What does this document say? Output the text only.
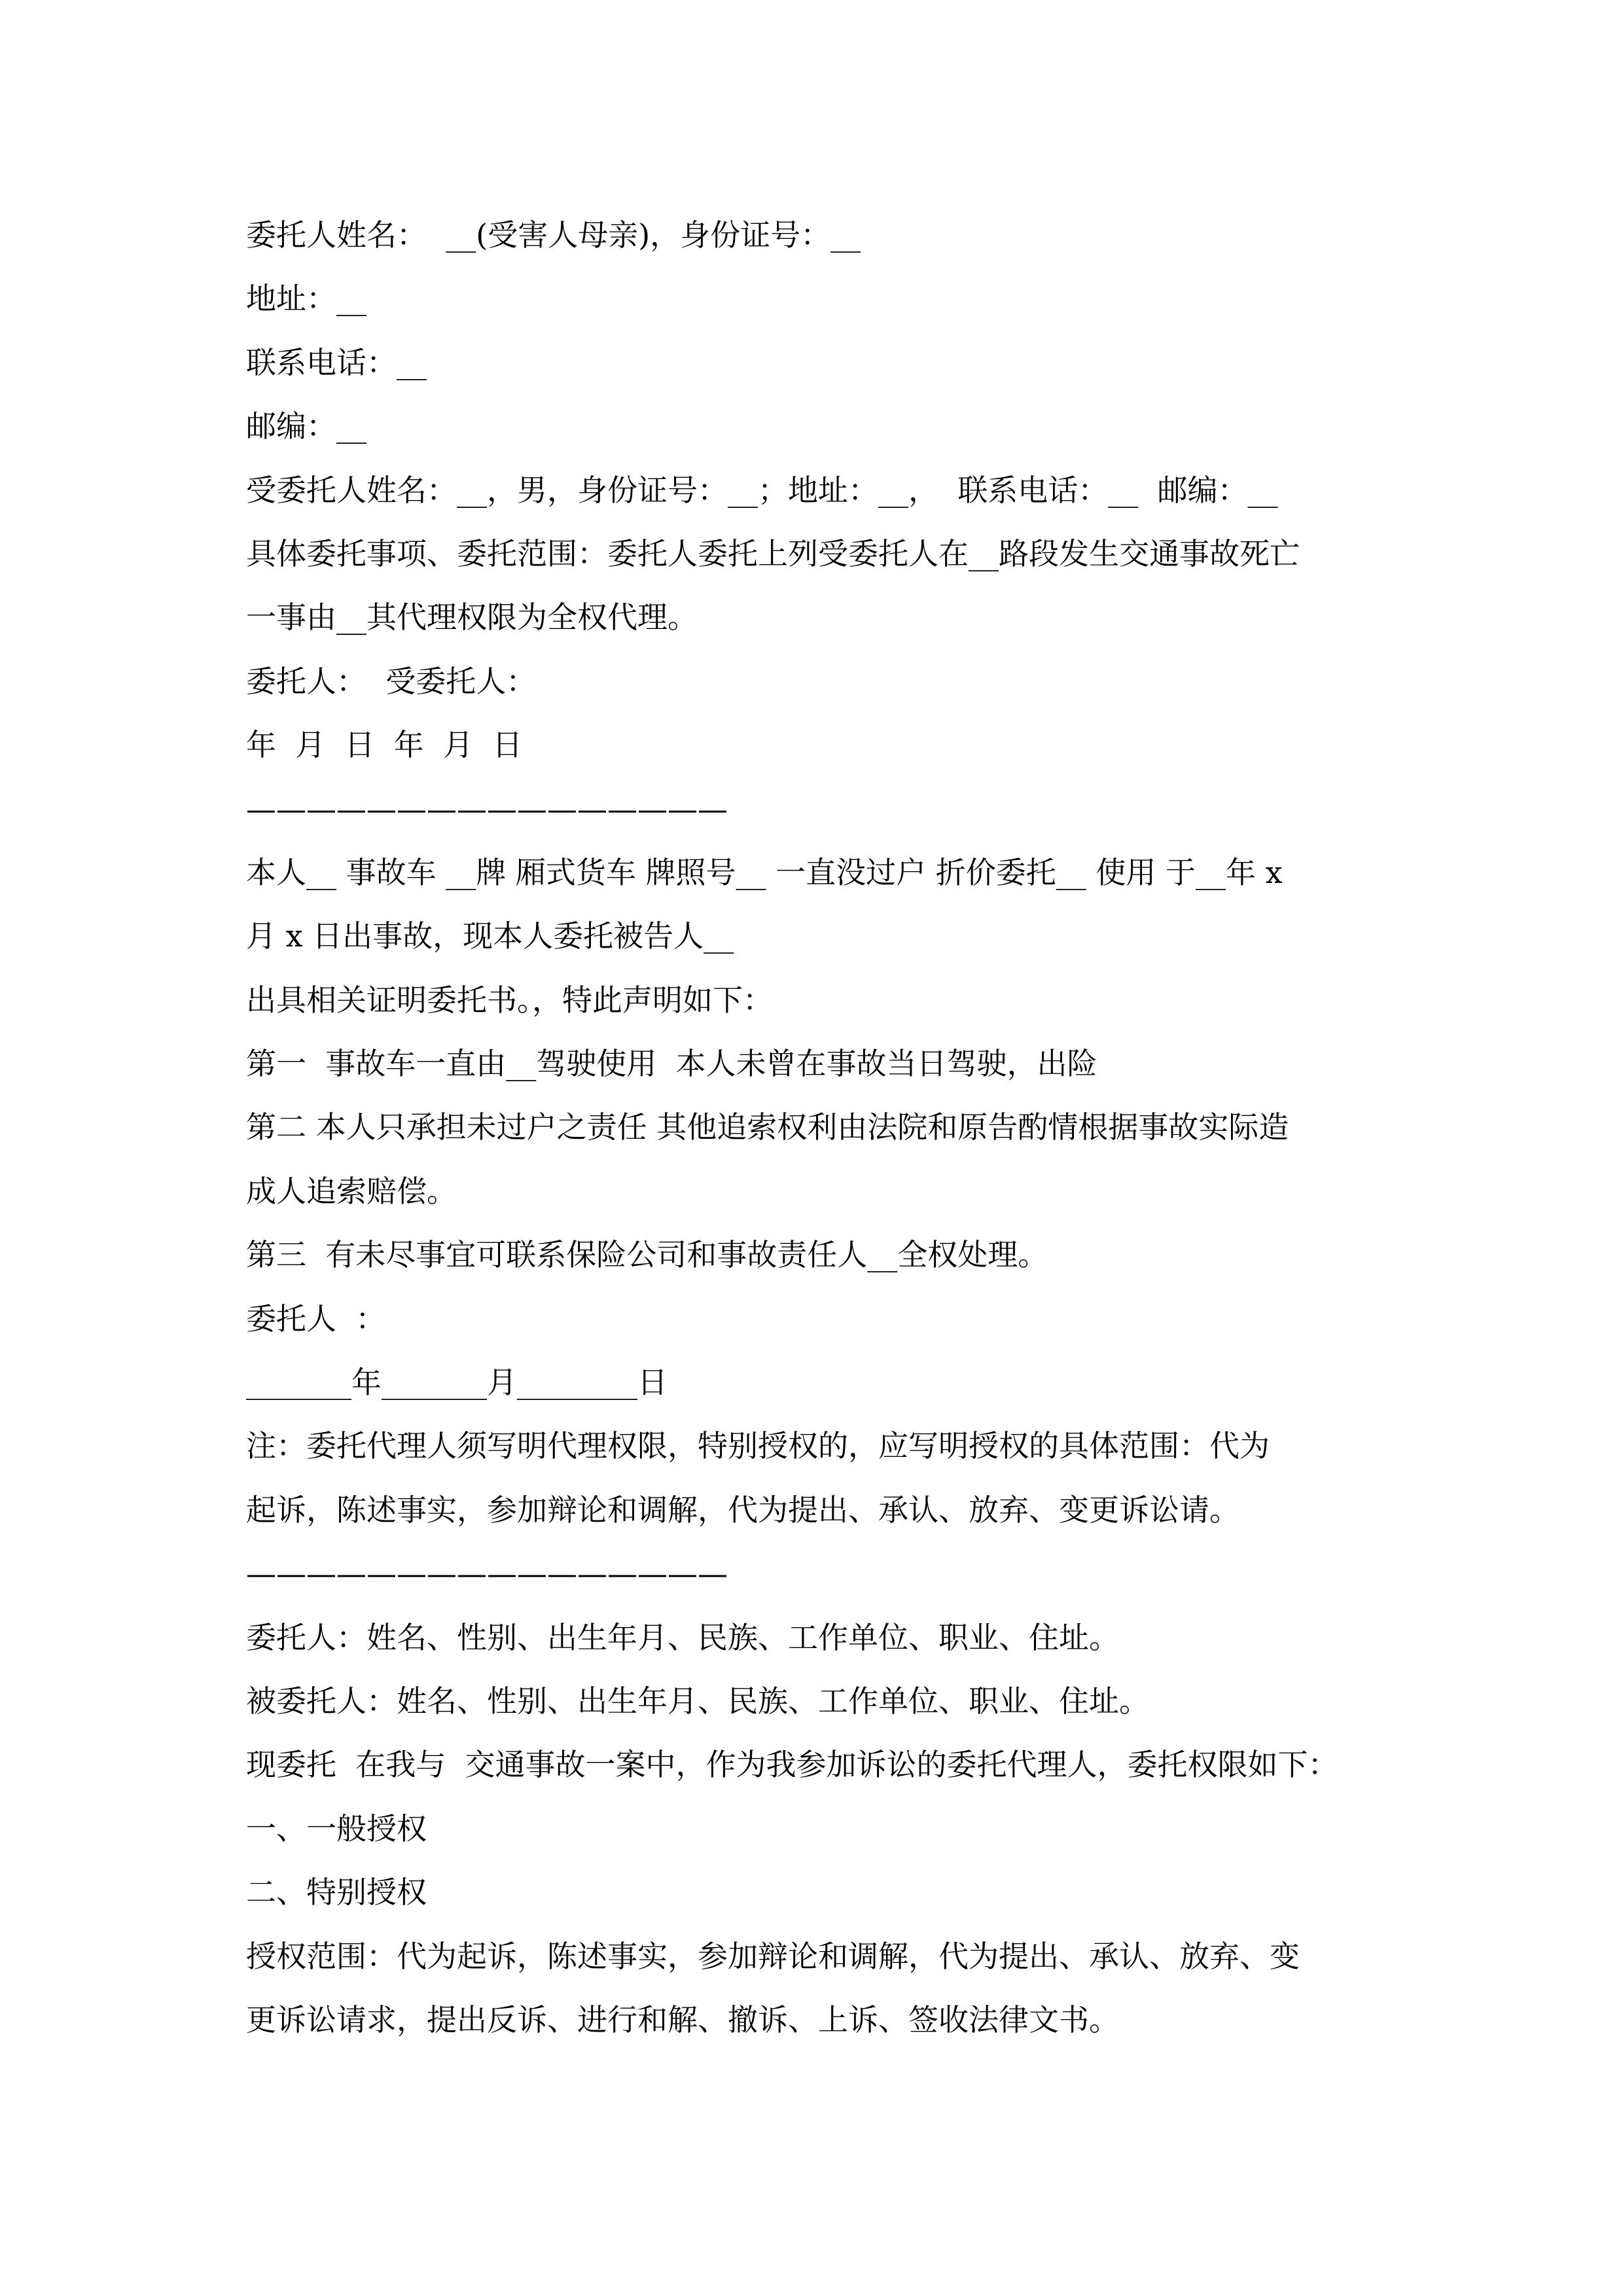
委托人姓名：  __(受害人母亲)，身份证号：__
地址：__
联系电话：__
邮编：__
受委托人姓名：__，男，身份证号：__；地址：__，  联系电话：__  邮编：__
具体委托事项、委托范围：委托人委托上列受委托人在__路段发生交通事故死亡
一事由__其代理权限为全权代理。
委托人：  受委托人：
年  月  日  年  月  日
————————————————
本人__ 事故车 __牌 厢式货车 牌照号__ 一直没过户 折价委托__ 使用 于__年 x
月 x 日出事故，现本人委托被告人__
出具相关证明委托书。，特此声明如下：
第一  事故车一直由__驾驶使用  本人未曾在事故当日驾驶，出险
第二 本人只承担未过户之责任 其他追索权利由法院和原告酌情根据事故实际造
成人追索赔偿。
第三  有未尽事宜可联系保险公司和事故责任人__全权处理。
委托人  ：
_______年_______月________日
注：委托代理人须写明代理权限，特别授权的，应写明授权的具体范围：代为
起诉，陈述事实，参加辩论和调解，代为提出、承认、放弃、变更诉讼请。
————————————————
委托人：姓名、性别、出生年月、民族、工作单位、职业、住址。
被委托人：姓名、性别、出生年月、民族、工作单位、职业、住址。
现委托  在我与  交通事故一案中，作为我参加诉讼的委托代理人，委托权限如下：
一、一般授权
二、特别授权
授权范围：代为起诉，陈述事实，参加辩论和调解，代为提出、承认、放弃、变
更诉讼请求，提出反诉、进行和解、撤诉、上诉、签收法律文书。
